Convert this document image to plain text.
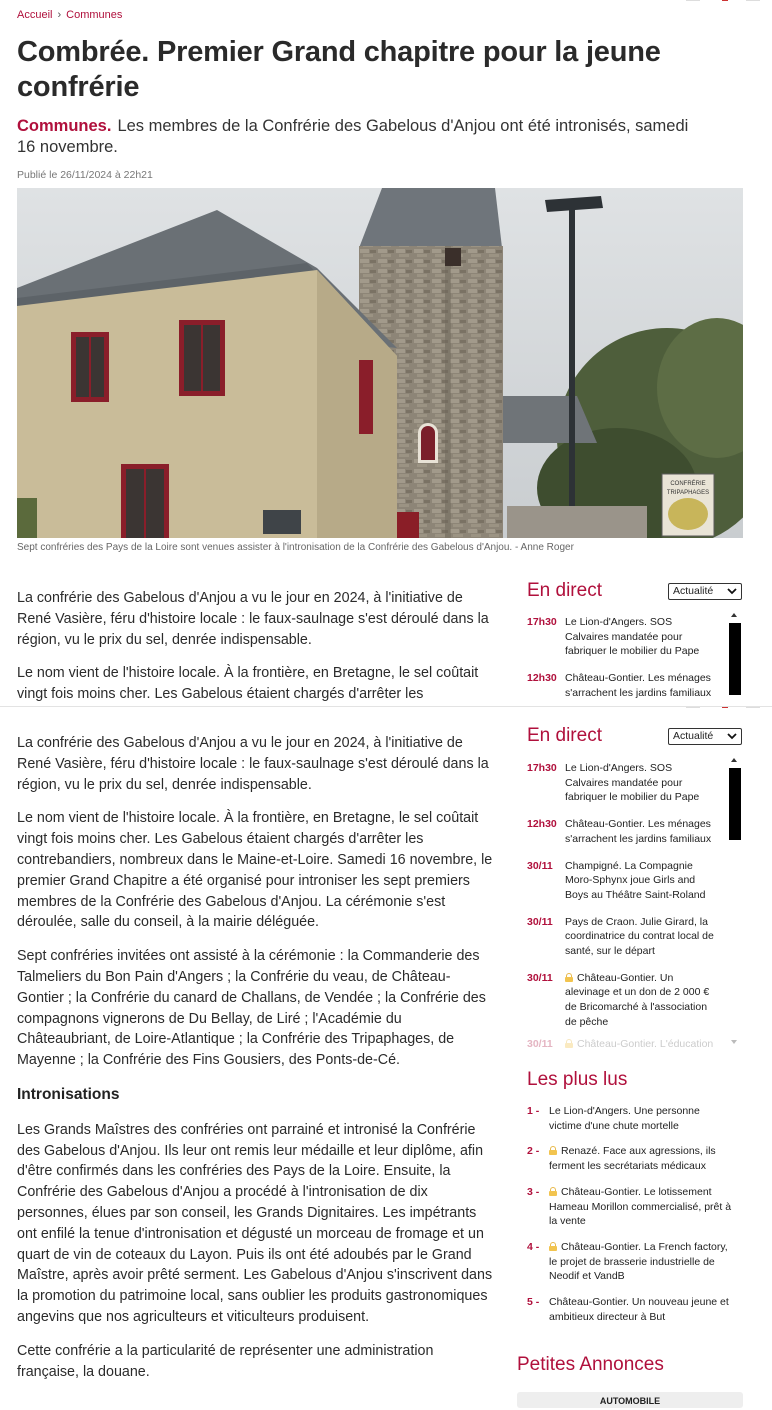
Accueil › Communes
Combrée. Premier Grand chapitre pour la jeune confrérie

Communes. Les membres de la Confrérie des Gabelous d'Anjou ont été intronisés, samedi 16 novembre.

Publié le 26/11/2024 à 22h21
CONFRÉRIE
TRIPAPHAGES
Sept confréries des Pays de la Loire sont venues assister à l'intronisation de la Confrérie des Gabelous d'Anjou. - Anne Roger

La confrérie des Gabelous d'Anjou a vu le jour en 2024, à l'initiative de René Vasière, féru d'histoire locale : le faux-saulnage s'est déroulé dans la région, vu le prix du sel, denrée indispensable.

Le nom vient de l'histoire locale. À la frontière, en Bretagne, le sel coûtait vingt fois moins cher. Les Gabelous étaient chargés d'arrêter les

En direct	Actualité
17h30 Le Lion-d'Angers. SOS Calvaires mandatée pour fabriquer le mobilier du Pape
12h30 Château-Gontier. Les ménages s'arrachent les jardins familiaux

La confrérie des Gabelous d'Anjou a vu le jour en 2024, à l'initiative de René Vasière, féru d'histoire locale : le faux-saulnage s'est déroulé dans la région, vu le prix du sel, denrée indispensable.

Le nom vient de l'histoire locale. À la frontière, en Bretagne, le sel coûtait vingt fois moins cher. Les Gabelous étaient chargés d'arrêter les contrebandiers, nombreux dans le Maine-et-Loire. Samedi 16 novembre, le premier Grand Chapitre a été organisé pour introniser les sept premiers membres de la Confrérie des Gabelous d'Anjou. La cérémonie s'est déroulée, salle du conseil, à la mairie déléguée.

Sept confréries invitées ont assisté à la cérémonie : la Commanderie des Talmeliers du Bon Pain d'Angers ; la Confrérie du veau, de Château-Gontier ; la Confrérie du canard de Challans, de Vendée ; la Confrérie des compagnons vignerons de Du Bellay, de Liré ; l'Académie du Châteaubriant, de Loire-Atlantique ; la Confrérie des Tripaphages, de Mayenne ; la Confrérie des Fins Gousiers, des Ponts-de-Cé.

Intronisations

Les Grands Maîstres des confréries ont parrainé et intronisé la Confrérie des Gabelous d'Anjou. Ils leur ont remis leur médaille et leur diplôme, afin d'être confirmés dans les confréries des Pays de la Loire. Ensuite, la Confrérie des Gabelous d'Anjou a procédé à l'intronisation de dix personnes, élues par son conseil, les Grands Dignitaires. Les impétrants ont enfilé la tenue d'intronisation et dégusté un morceau de fromage et un quart de vin de coteaux du Layon. Puis ils ont été adoubés par le Grand Maîstre, après avoir prêté serment. Les Gabelous d'Anjou s'inscrivent dans la promotion du patrimoine local, sans oublier les produits gastronomiques angevins que nos agriculteurs et viticulteurs produisent.

Cette confrérie a la particularité de représenter une administration française, la douane.

En direct	Actualité
17h30 Le Lion-d'Angers. SOS Calvaires mandatée pour fabriquer le mobilier du Pape
12h30 Château-Gontier. Les ménages s'arrachent les jardins familiaux
30/11	Champigné. La Compagnie Moro-Sphynx joue Girls and Boys au Théâtre Saint-Roland
30/11	Pays de Craon. Julie Girard, la coordinatrice du contrat local de santé, sur le départ
30/11	Château-Gontier. Un alevinage et un don de 2 000 € de Bricomarché à l'association de pêche
30/11	Château-Gontier. L'éducation
Les plus lus
1 - Le Lion-d'Angers. Une personne victime d'une chute mortelle
2 -	Renazé. Face aux agressions, ils ferment les secrétariats médicaux
3 -	Château-Gontier. Le lotissement Hameau Morillon commercialisé, prêt à la vente
4 -	Château-Gontier. La French factory, le projet de brasserie industrielle de Neodif et VandB
5 - Château-Gontier. Un nouveau jeune et ambitieux directeur à But
Petites Annonces
AUTOMOBILE
